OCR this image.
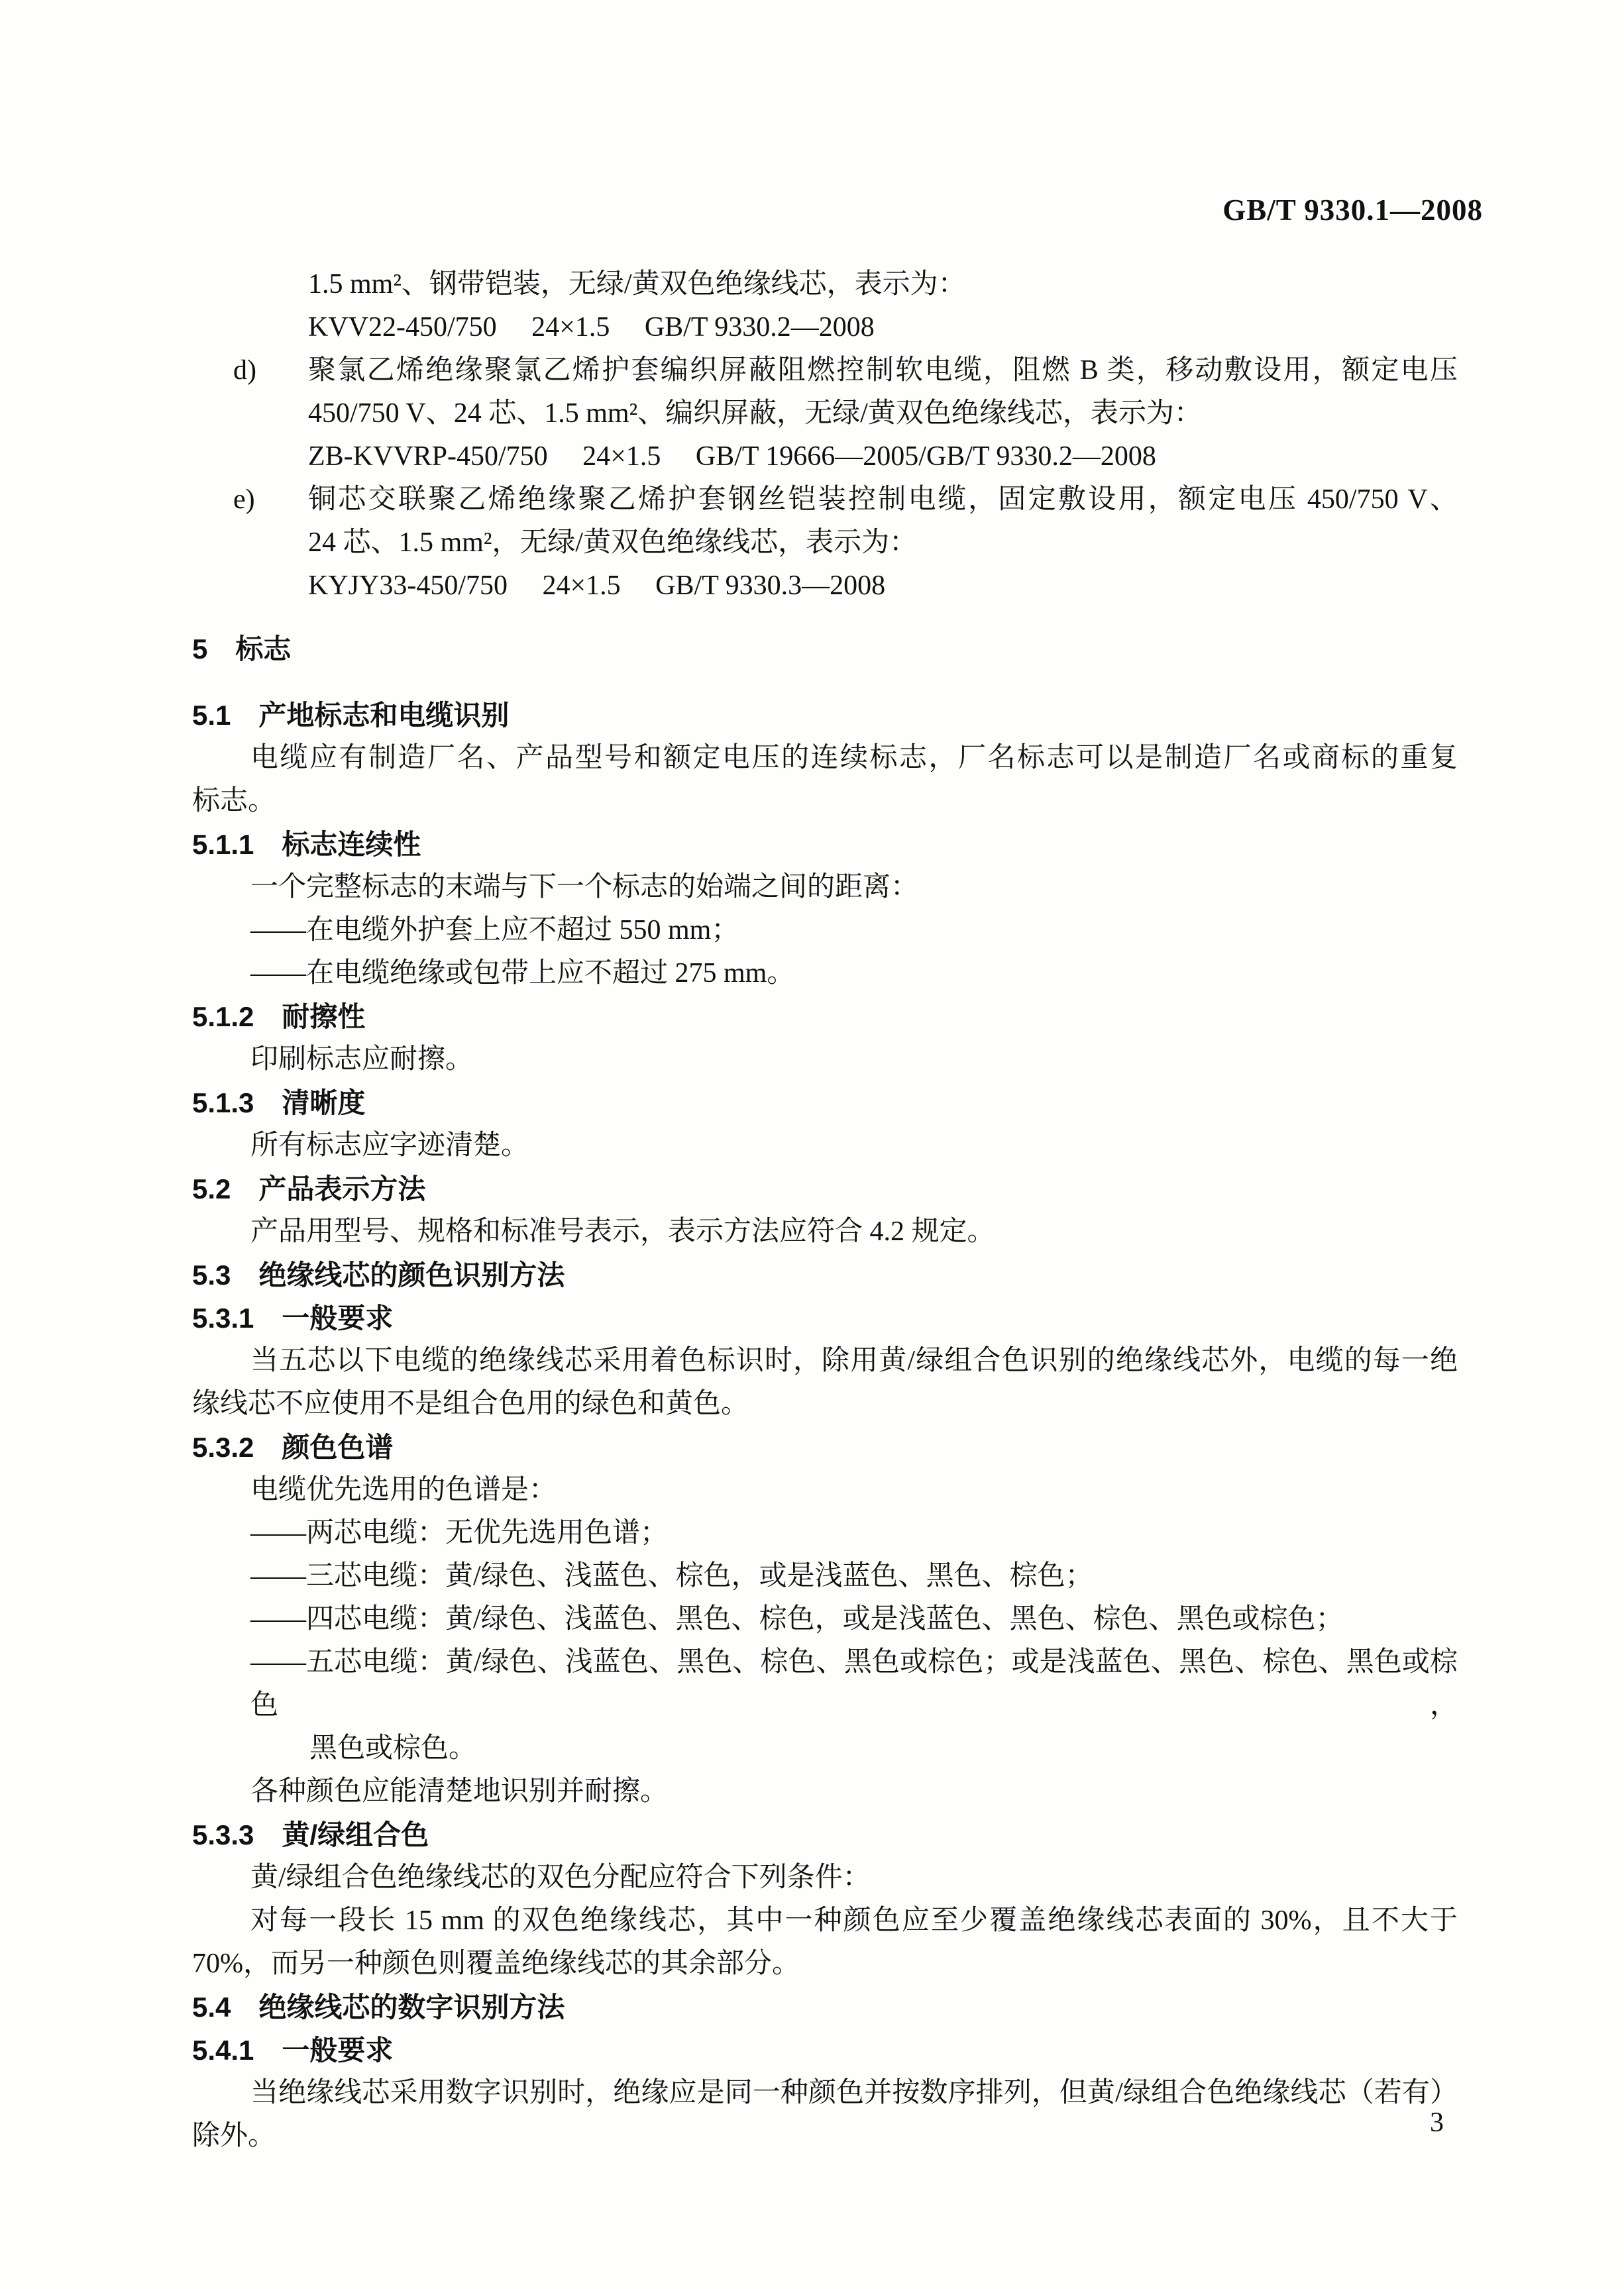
GB/T 9330.1—2008
1.5 mm²、钢带铠装，无绿/黄双色绝缘线芯，表示为：
KVV22-450/750     24×1.5     GB/T 9330.2—2008
d) 聚氯乙烯绝缘聚氯乙烯护套编织屏蔽阻燃控制软电缆，阻燃 B 类，移动敷设用，额定电压
450/750 V、24 芯、1.5 mm²、编织屏蔽，无绿/黄双色绝缘线芯，表示为：
ZB-KVVRP-450/750     24×1.5     GB/T 19666—2005/GB/T 9330.2—2008
e) 铜芯交联聚乙烯绝缘聚乙烯护套钢丝铠装控制电缆，固定敷设用，额定电压 450/750 V、
24 芯、1.5 mm²，无绿/黄双色绝缘线芯，表示为：
KYJY33-450/750     24×1.5     GB/T 9330.3—2008
5 标志
5.1 产地标志和电缆识别
电缆应有制造厂名、产品型号和额定电压的连续标志，厂名标志可以是制造厂名或商标的重复
标志。
5.1.1 标志连续性
一个完整标志的末端与下一个标志的始端之间的距离：
——在电缆外护套上应不超过 550 mm；
——在电缆绝缘或包带上应不超过 275 mm。
5.1.2 耐擦性
印刷标志应耐擦。
5.1.3 清晰度
所有标志应字迹清楚。
5.2 产品表示方法
产品用型号、规格和标准号表示，表示方法应符合 4.2 规定。
5.3 绝缘线芯的颜色识别方法
5.3.1 一般要求
当五芯以下电缆的绝缘线芯采用着色标识时，除用黄/绿组合色识别的绝缘线芯外，电缆的每一绝
缘线芯不应使用不是组合色用的绿色和黄色。
5.3.2 颜色色谱
电缆优先选用的色谱是：
——两芯电缆：无优先选用色谱；
——三芯电缆：黄/绿色、浅蓝色、棕色，或是浅蓝色、黑色、棕色；
——四芯电缆：黄/绿色、浅蓝色、黑色、棕色，或是浅蓝色、黑色、棕色、黑色或棕色；
——五芯电缆：黄/绿色、浅蓝色、黑色、棕色、黑色或棕色；或是浅蓝色、黑色、棕色、黑色或棕色，
黑色或棕色。
各种颜色应能清楚地识别并耐擦。
5.3.3 黄/绿组合色
黄/绿组合色绝缘线芯的双色分配应符合下列条件：
对每一段长 15 mm 的双色绝缘线芯，其中一种颜色应至少覆盖绝缘线芯表面的 30%，且不大于
70%，而另一种颜色则覆盖绝缘线芯的其余部分。
5.4 绝缘线芯的数字识别方法
5.4.1 一般要求
当绝缘线芯采用数字识别时，绝缘应是同一种颜色并按数序排列，但黄/绿组合色绝缘线芯（若有）
除外。	3
